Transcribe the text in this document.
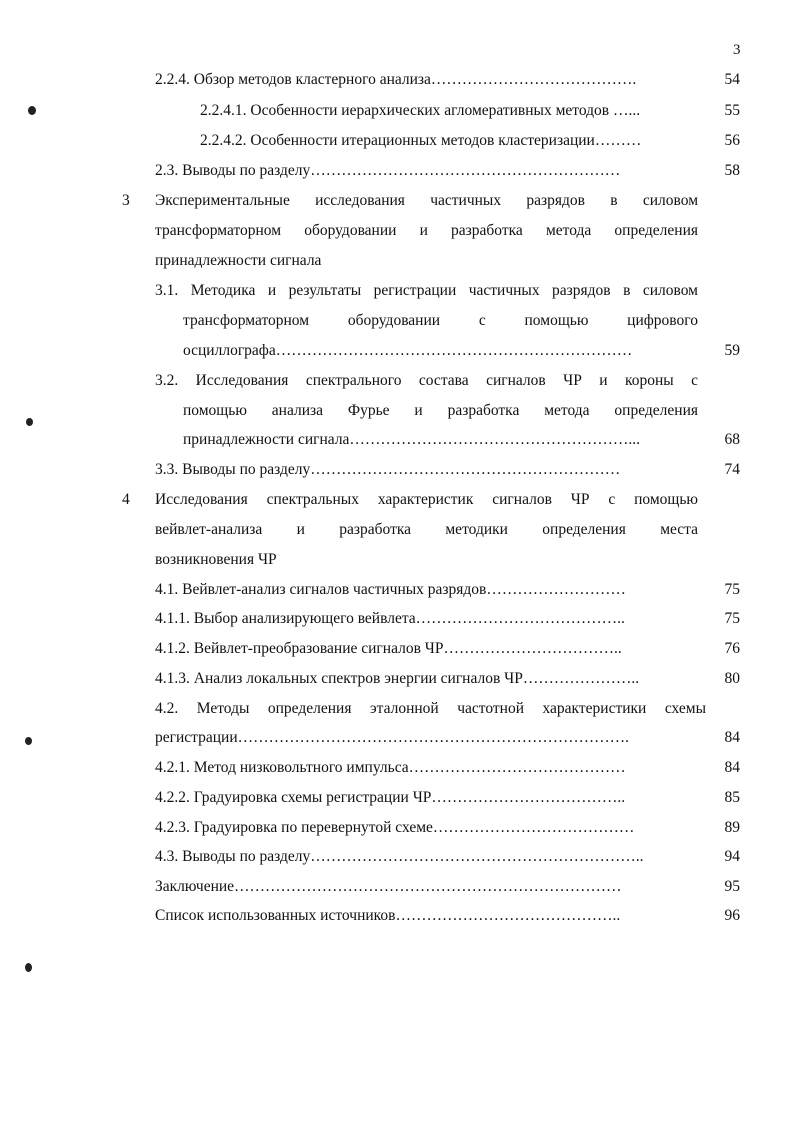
3
2.2.4. Обзор методов кластерного анализа………………………………….	54
2.2.4.1. Особенности иерархических агломеративных методов …...	55
2.2.4.2. Особенности итерационных методов кластеризации………	56
2.3. Выводы по разделу……………………………………………………	58
3 Экспериментальные исследования частичных разрядов в силовом
трансформаторном оборудовании и разработка метода определения
принадлежности сигнала
3.1. Методика и результаты регистрации частичных разрядов в силовом
трансформаторном оборудовании с помощью цифрового
осциллографа……………………………………………………………	59
3.2. Исследования спектрального состава сигналов ЧР и короны с
помощью анализа Фурье и разработка метода определения
принадлежности сигнала………………………………………………...	68
3.3. Выводы по разделу……………………………………………………	74
4 Исследования спектральных характеристик сигналов ЧР с помощью
вейвлет-анализа и разработка методики определения места
возникновения ЧР
4.1. Вейвлет-анализ сигналов частичных разрядов………………………	75
4.1.1. Выбор анализирующего вейвлета…………………………………..	75
4.1.2. Вейвлет-преобразование сигналов ЧР……………………………..	76
4.1.3. Анализ локальных спектров энергии сигналов ЧР…………………..	80
4.2. Методы определения эталонной частотной характеристики схемы
регистрации………………………………………………………………….	84
4.2.1. Метод низковольтного импульса……………………………………	84
4.2.2. Градуировка схемы регистрации ЧР………………………………..	85
4.2.3. Градуировка по перевернутой схеме…………………………………	89
4.3. Выводы по разделу………………………………………………………..	94
Заключение…………………………………………………………………	95
Список использованных источников……………………………………..	96
